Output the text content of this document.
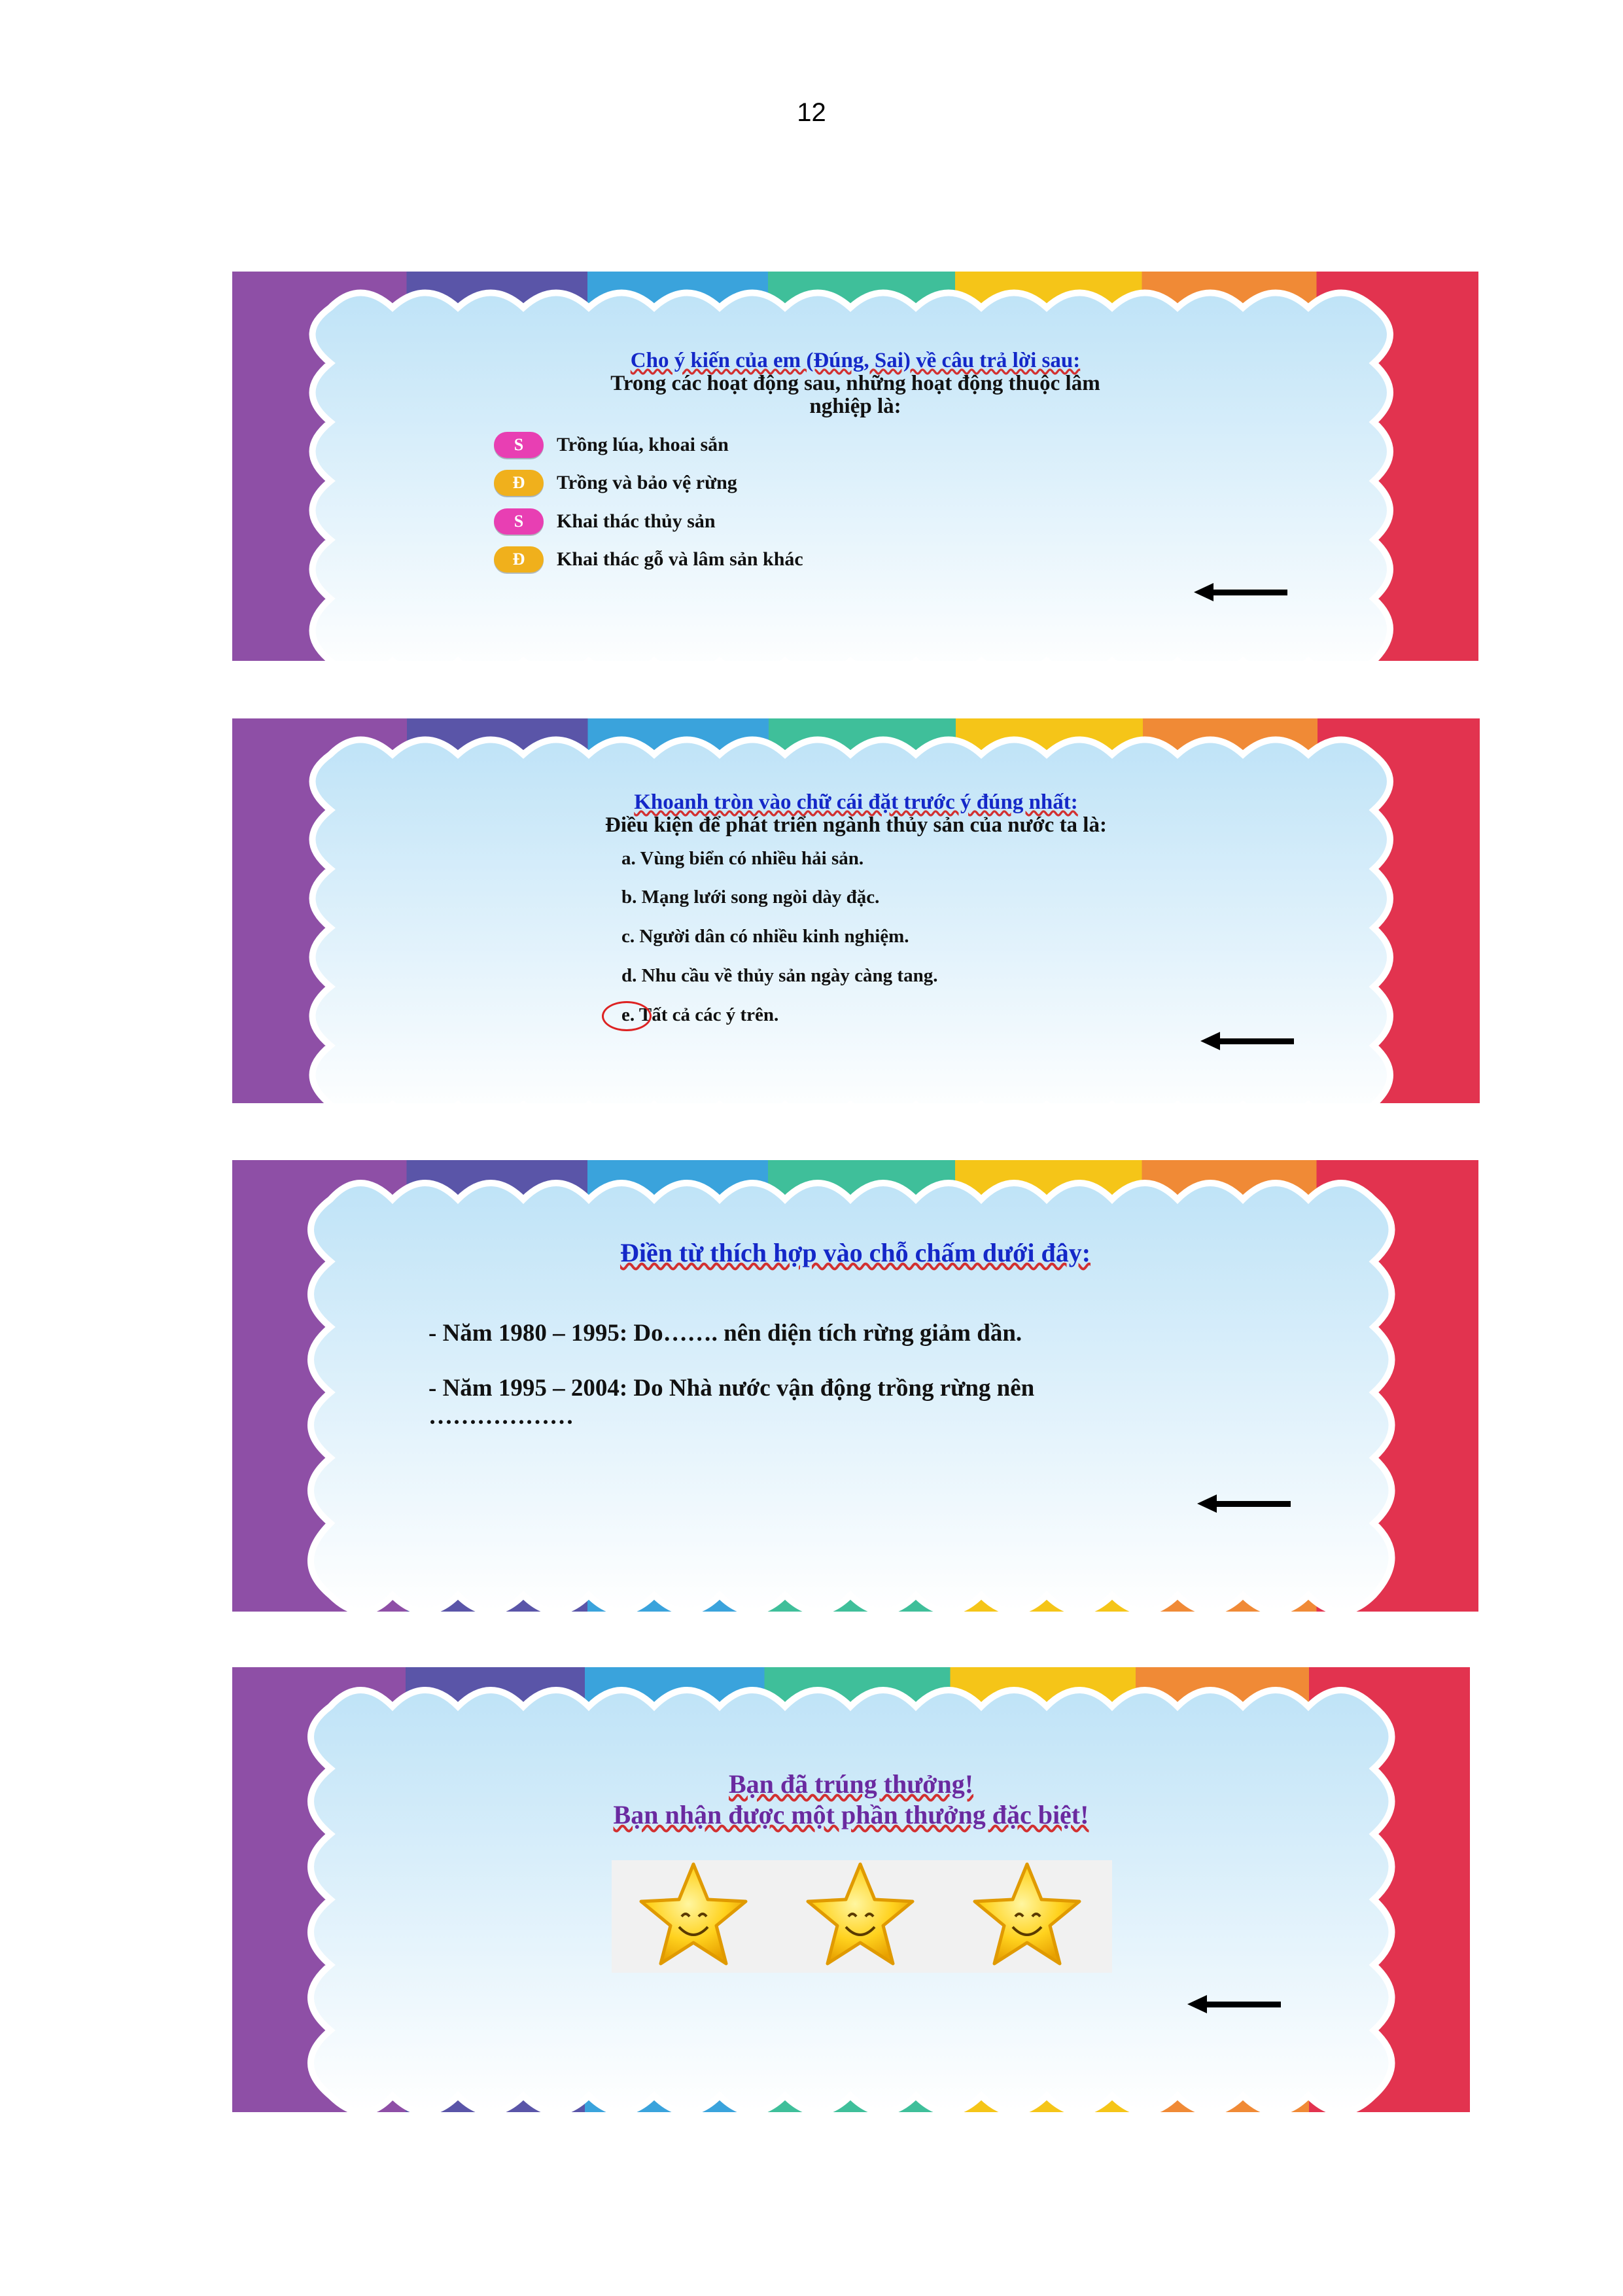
12
Cho ý kiến của em (Đúng, Sai) về câu trả lời sau:
Trong các hoạt động sau, những hoạt động thuộc lâm
nghiệp là:
S	Trồng lúa, khoai sắn
Đ	Trồng và bảo vệ rừng
S	Khai thác thủy sản
Đ	Khai thác gỗ và lâm sản khác
Khoanh tròn vào chữ cái đặt trước ý đúng nhất:
Điều kiện để phát triển ngành thủy sản của nước ta là:
a. Vùng biển có nhiều hải sản.
b. Mạng lưới song ngòi dày đặc.
c. Người dân có nhiều kinh nghiệm.
d. Nhu cầu về thủy sản ngày càng tang.
e. Tất cả các ý trên.
Điền từ thích hợp vào chỗ chấm dưới đây:
- Năm 1980 – 1995: Do……. nên diện tích rừng giảm dần.
- Năm 1995 – 2004: Do Nhà nước vận động trồng rừng nên
………………
Bạn đã trúng thưởng!
Bạn nhận được một phần thưởng đặc biệt!
